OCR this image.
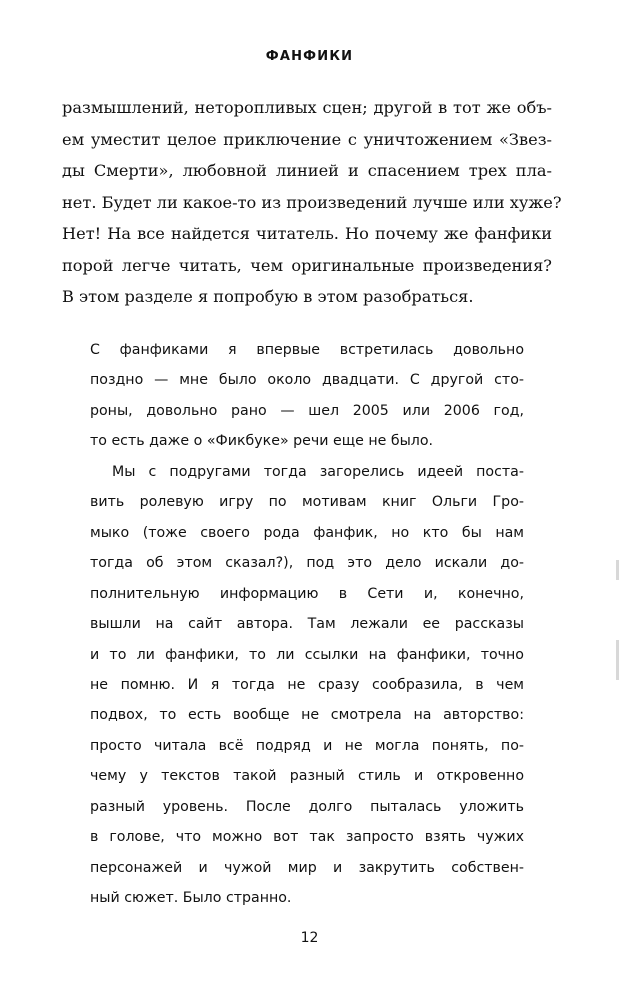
ФАНФИКИ
размышлений, неторопливых сцен; другой в тот же объ-
ем уместит целое приключение с уничтожением «Звез-
ды Смерти», любовной линией и спасением трех пла-
нет. Будет ли какое-то из произведений лучше или хуже?
Нет! На все найдется читатель. Но почему же фанфики
порой легче читать, чем оригинальные произведения?
В этом разделе я попробую в этом разобраться.
С фанфиками я впервые встретилась довольно
поздно — мне было около двадцати. С другой сто-
роны, довольно рано — шел 2005 или 2006 год,
то есть даже о «Фикбуке» речи еще не было.
Мы с подругами тогда загорелись идеей поста-
вить ролевую игру по мотивам книг Ольги Гро-
мыко (тоже своего рода фанфик, но кто бы нам
тогда об этом сказал?), под это дело искали до-
полнительную информацию в Сети и, конечно,
вышли на сайт автора. Там лежали ее рассказы
и то ли фанфики, то ли ссылки на фанфики, точно
не помню. И я тогда не сразу сообразила, в чем
подвох, то есть вообще не смотрела на авторство:
просто читала всё подряд и не могла понять, по-
чему у текстов такой разный стиль и откровенно
разный уровень. После долго пыталась уложить
в голове, что можно вот так запросто взять чужих
персонажей и чужой мир и закрутить собствен-
ный сюжет. Было странно.
12
